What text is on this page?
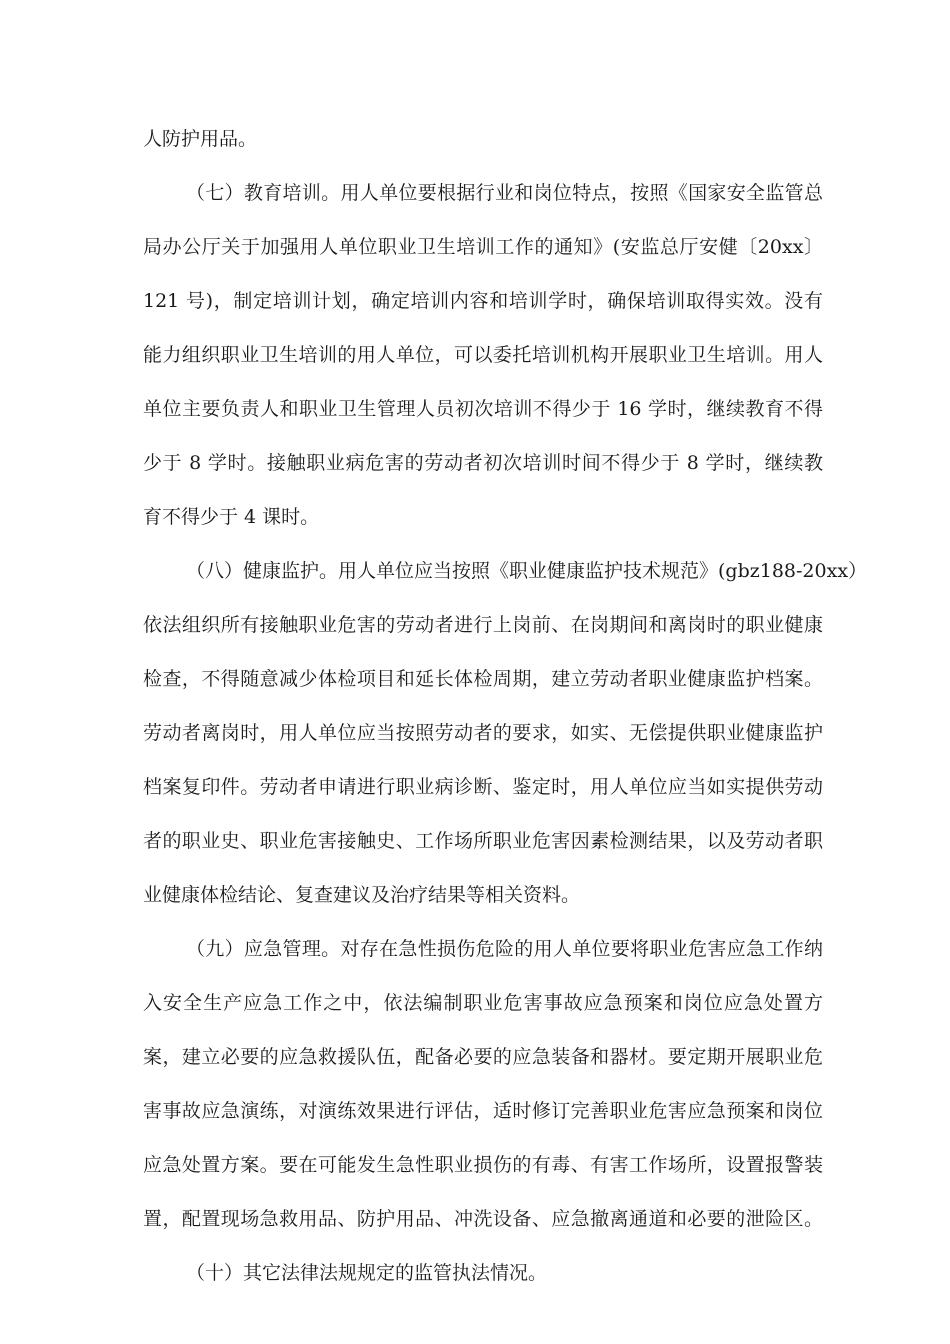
人防护用品。
（七）教育培训。用人单位要根据行业和岗位特点，按照《国家安全监管总
局办公厅关于加强用人单位职业卫生培训工作的通知》(安监总厅安健〔20xx〕
121 号)，制定培训计划，确定培训内容和培训学时，确保培训取得实效。没有
能力组织职业卫生培训的用人单位，可以委托培训机构开展职业卫生培训。用人
单位主要负责人和职业卫生管理人员初次培训不得少于 16 学时，继续教育不得
少于 8 学时。接触职业病危害的劳动者初次培训时间不得少于 8 学时，继续教
育不得少于 4 课时。
（八）健康监护。用人单位应当按照《职业健康监护技术规范》(gbz188-20xx）
依法组织所有接触职业危害的劳动者进行上岗前、在岗期间和离岗时的职业健康
检查，不得随意减少体检项目和延长体检周期，建立劳动者职业健康监护档案。
劳动者离岗时，用人单位应当按照劳动者的要求，如实、无偿提供职业健康监护
档案复印件。劳动者申请进行职业病诊断、鉴定时，用人单位应当如实提供劳动
者的职业史、职业危害接触史、工作场所职业危害因素检测结果，以及劳动者职
业健康体检结论、复查建议及治疗结果等相关资料。
（九）应急管理。对存在急性损伤危险的用人单位要将职业危害应急工作纳
入安全生产应急工作之中，依法编制职业危害事故应急预案和岗位应急处置方
案，建立必要的应急救援队伍，配备必要的应急装备和器材。要定期开展职业危
害事故应急演练，对演练效果进行评估，适时修订完善职业危害应急预案和岗位
应急处置方案。要在可能发生急性职业损伤的有毒、有害工作场所，设置报警装
置，配置现场急救用品、防护用品、冲洗设备、应急撤离通道和必要的泄险区。
（十）其它法律法规规定的监管执法情况。
